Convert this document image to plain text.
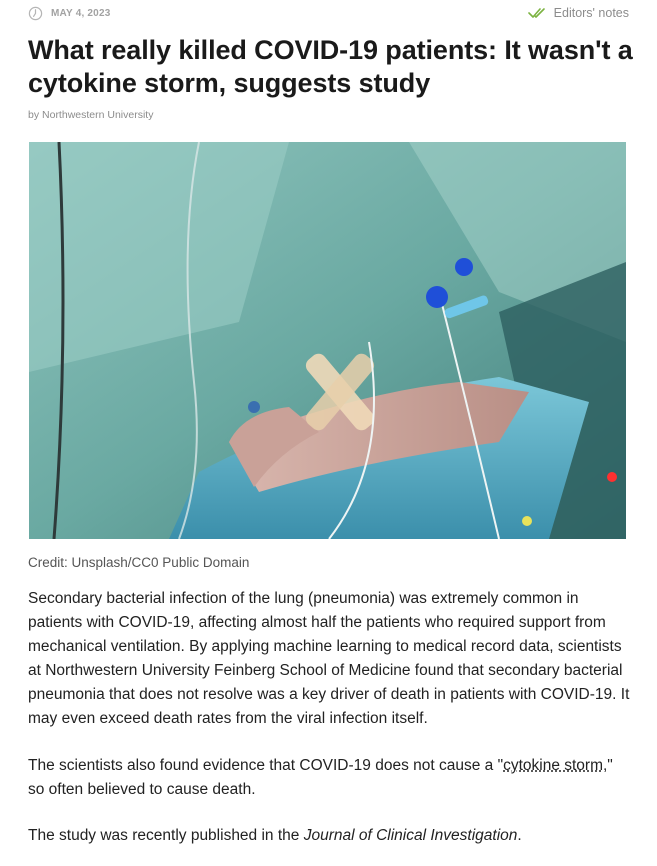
MAY 4, 2023	Editors' notes
What really killed COVID-19 patients: It wasn't a cytokine storm, suggests study
by Northwestern University
Credit: Unsplash/CC0 Public Domain

Secondary bacterial infection of the lung (pneumonia) was extremely common in patients with COVID-19, affecting almost half the patients who required support from mechanical ventilation. By applying machine learning to medical record data, scientists at Northwestern University Feinberg School of Medicine found that secondary bacterial pneumonia that does not resolve was a key driver of death in patients with COVID-19. It may even exceed death rates from the viral infection itself.

The scientists also found evidence that COVID-19 does not cause a "cytokine storm," so often believed to cause death.

The study was recently published in the Journal of Clinical Investigation.
